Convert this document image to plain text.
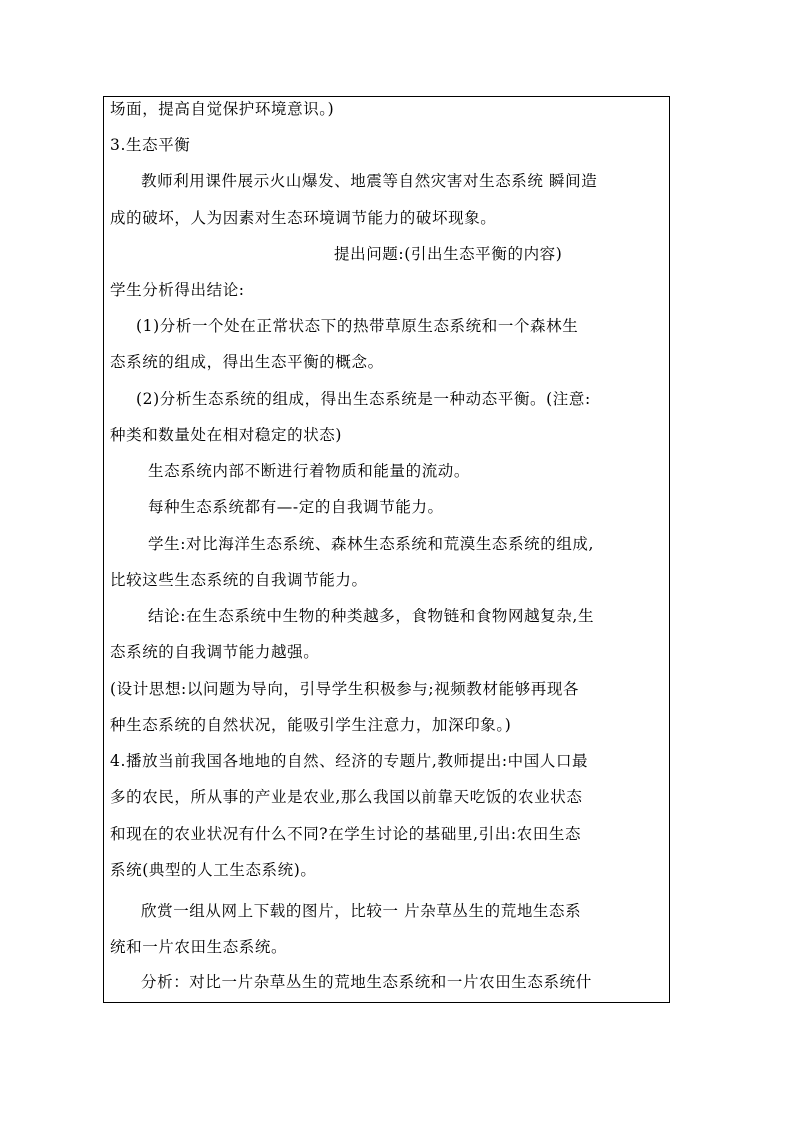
场面，提高自觉保护环境意识。)
3.生态平衡
教师利用课件展示火山爆发、地震等自然灾害对生态系统 瞬间造
成的破坏，人为因素对生态环境调节能力的破坏现象。
提出问题:(引出生态平衡的内容)
学生分析得出结论:
(1)分析一个处在正常状态下的热带草原生态系统和一个森林生
态系统的组成，得出生态平衡的概念。
(2)分析生态系统的组成，得出生态系统是一种动态平衡。(注意:
种类和数量处在相对稳定的状态)
生态系统内部不断进行着物质和能量的流动。
每种生态系统都有—-定的自我调节能力。
学生:对比海洋生态系统、森林生态系统和荒漠生态系统的组成,
比较这些生态系统的自我调节能力。
结论:在生态系统中生物的种类越多，食物链和食物网越复杂,生
态系统的自我调节能力越强。
(设计思想:以问题为导向，引导学生积极参与;视频教材能够再现各
种生态系统的自然状况，能吸引学生注意力，加深印象。)
4.播放当前我国各地地的自然、经济的专题片,教师提出:中国人口最
多的农民，所从事的产业是农业,那么我国以前靠天吃饭的农业状态
和现在的农业状况有什么不同?在学生讨论的基础里,引出:农田生态
系统(典型的人工生态系统)。
欣赏一组从网上下载的图片，比较一 片杂草丛生的荒地生态系
统和一片农田生态系统。
分析：对比一片杂草丛生的荒地生态系统和一片农田生态系统什
